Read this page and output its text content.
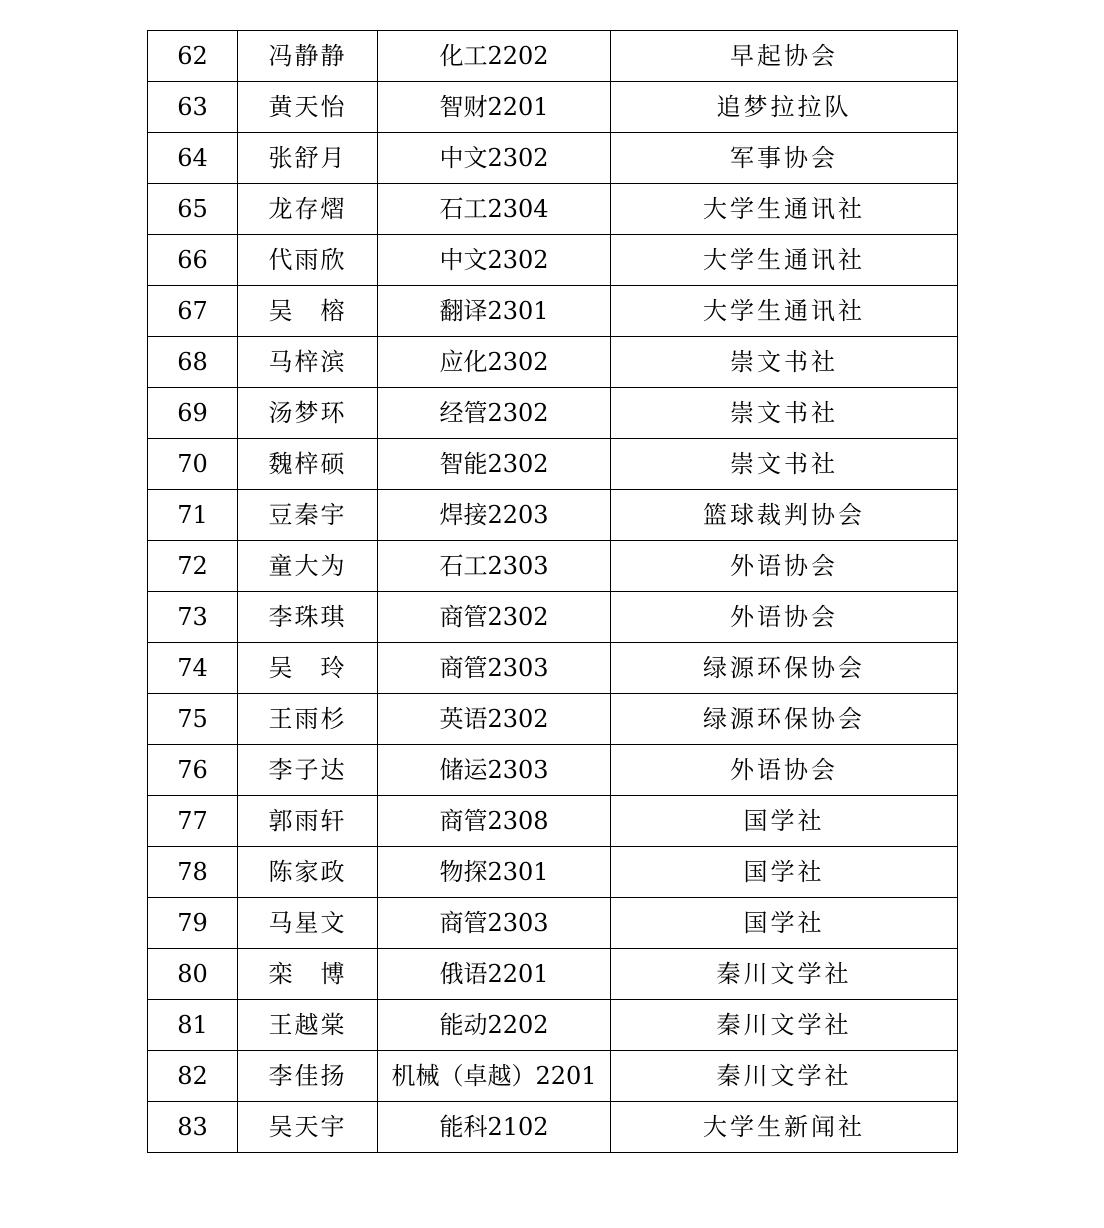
62	冯静静	化工2202	早起协会
63	黄天怡	智财2201	追梦拉拉队
64	张舒月	中文2302	军事协会
65	龙存熠	石工2304	大学生通讯社
66	代雨欣	中文2302	大学生通讯社
67	吴　榕	翻译2301	大学生通讯社
68	马梓滨	应化2302	崇文书社
69	汤梦环	经管2302	崇文书社
70	魏梓硕	智能2302	崇文书社
71	豆秦宇	焊接2203	篮球裁判协会
72	童大为	石工2303	外语协会
73	李珠琪	商管2302	外语协会
74	吴　玲	商管2303	绿源环保协会
75	王雨杉	英语2302	绿源环保协会
76	李子达	储运2303	外语协会
77	郭雨轩	商管2308	国学社
78	陈家政	物探2301	国学社
79	马星文	商管2303	国学社
80	栾　博	俄语2201	秦川文学社
81	王越棠	能动2202	秦川文学社
82	李佳扬	机械（卓越）2201	秦川文学社
83	吴天宇	能科2102	大学生新闻社
